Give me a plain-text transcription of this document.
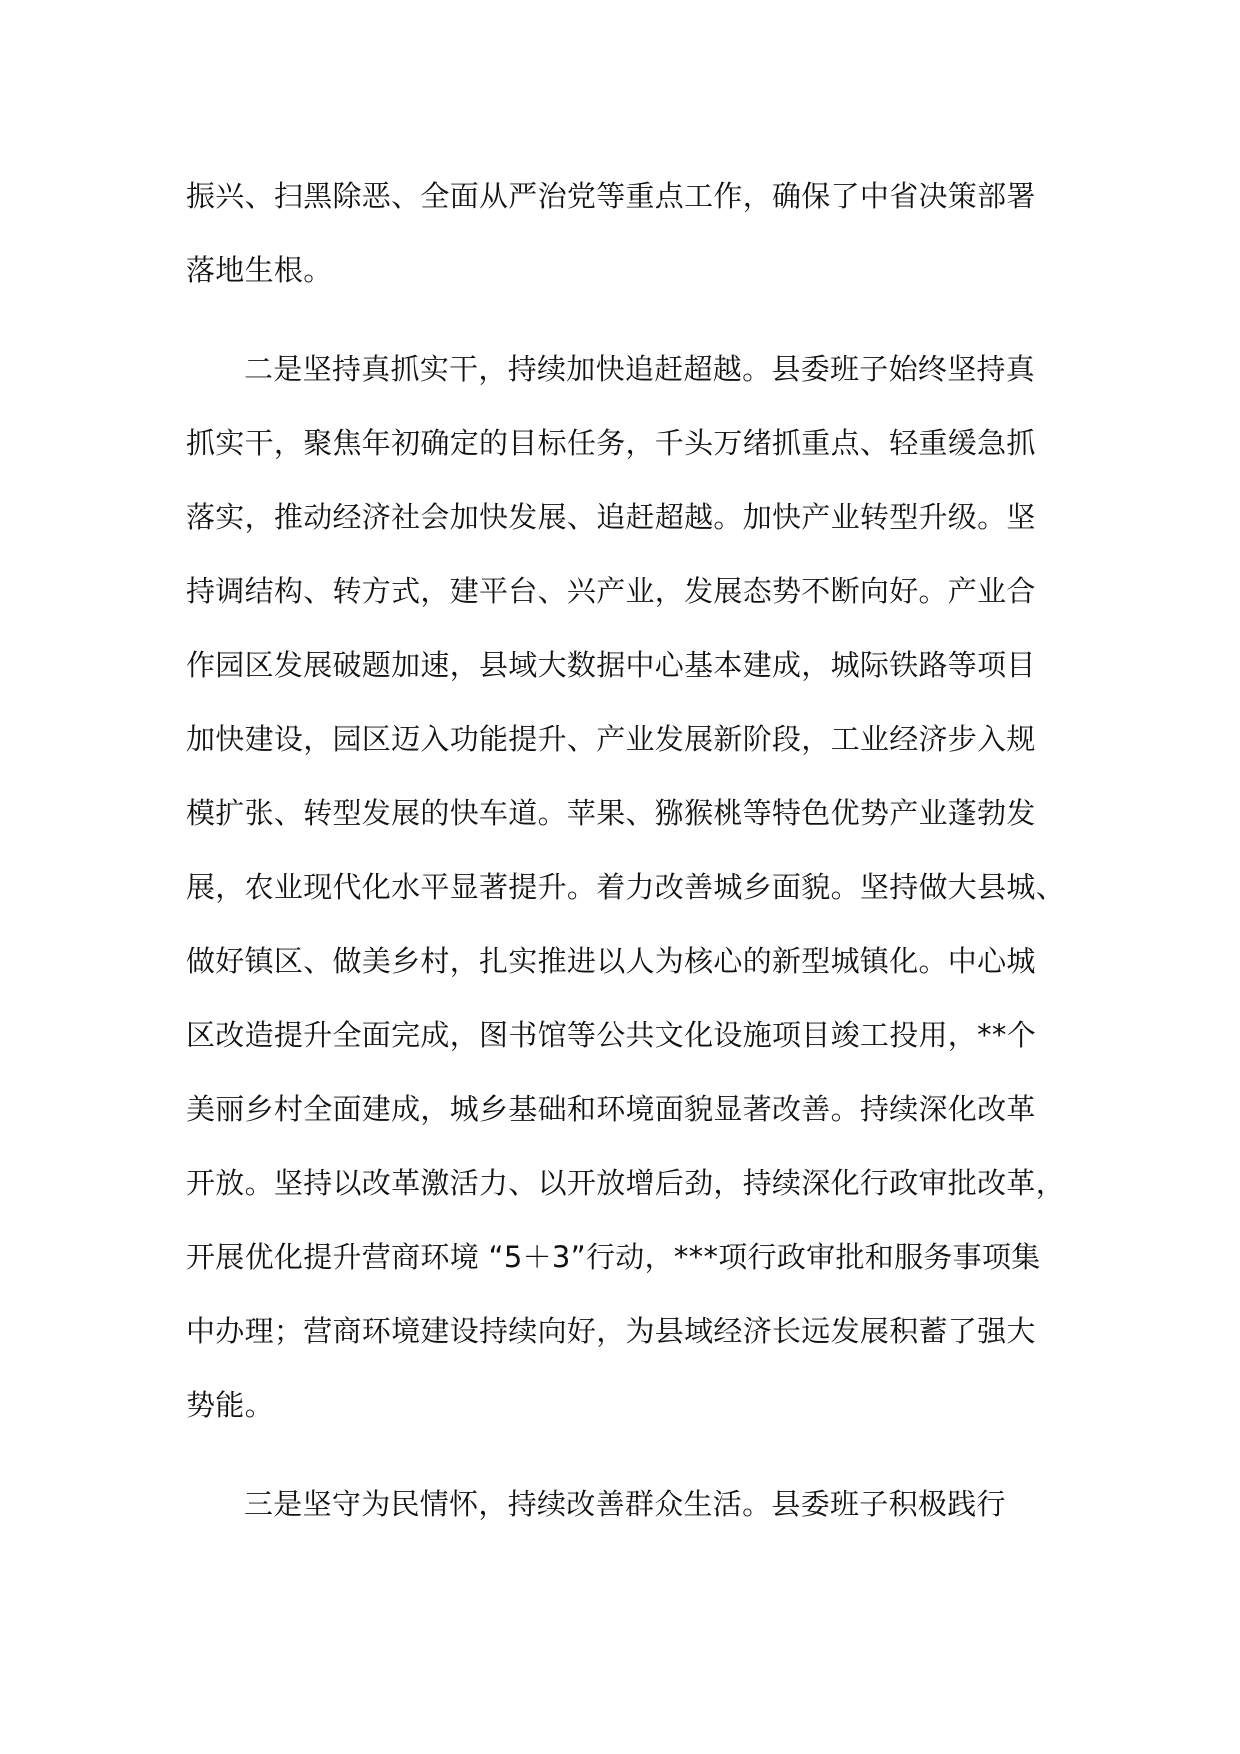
振兴、扫黑除恶、全面从严治党等重点工作，确保了中省决策部署
落地生根。
二是坚持真抓实干，持续加快追赶超越。县委班子始终坚持真
抓实干，聚焦年初确定的目标任务，千头万绪抓重点、轻重缓急抓
落实，推动经济社会加快发展、追赶超越。加快产业转型升级。坚
持调结构、转方式，建平台、兴产业，发展态势不断向好。产业合
作园区发展破题加速，县域大数据中心基本建成，城际铁路等项目
加快建设，园区迈入功能提升、产业发展新阶段，工业经济步入规
模扩张、转型发展的快车道。苹果、猕猴桃等特色优势产业蓬勃发
展，农业现代化水平显著提升。着力改善城乡面貌。坚持做大县城、
做好镇区、做美乡村，扎实推进以人为核心的新型城镇化。中心城
区改造提升全面完成，图书馆等公共文化设施项目竣工投用，**个
美丽乡村全面建成，城乡基础和环境面貌显著改善。持续深化改革
开放。坚持以改革激活力、以开放增后劲，持续深化行政审批改革，
开展优化提升营商环境 “5＋3”行动，***项行政审批和服务事项集
中办理；营商环境建设持续向好，为县域经济长远发展积蓄了强大
势能。
三是坚守为民情怀，持续改善群众生活。县委班子积极践行
